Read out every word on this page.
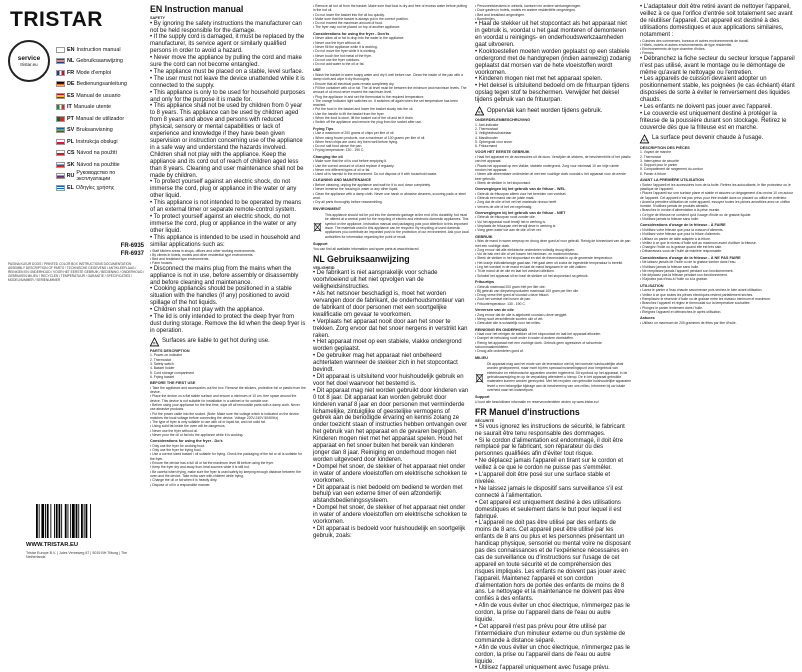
TRISTAR
service
tristar.eu
EN Instruction manual
NL Gebruiksaanwijzing
FR Mode d'emploi
DE Bedienungsanleitung
ES Manual de usuario
IT Manuale utente
PT Manual de utilizador
SV Bruksanvisning
PL Instrukcja obsługi
CS Návod na použití
SK Návod na použitie
RU Руководство по эксплуатации
EL Οδηγίες χρήσης
FR-6935
FR-6937
PAGINA KLEUR DOOS / PRINTED COLOR BOX INSTRUCTIONS DOCUMENTATION ASSEMBLY DESCRIPTION OF PARTS / TECHNISCHE GEGEVENS / ANTIKLEEFLAAG / REINIGEN EN ONDERHOUD / VOOR HET EERSTE GEBRUIK / BEDIENING / ONDERHOUD / GEBRUIKEN MILIEU / RECYCLEN / TEMPERATUUR / GARANTIE / SPECIFICATIES / MODELNUMMER / SERIENUMMER
WWW.TRISTAR.EU
Tristar Europe B.V. | Jules Verneweg 87 | 5015 BH Tilburg | The Netherlands
EN Instruction manual
SAFETY
• By ignoring the safety instructions the manufacturer can not be held responsible for the damage.
• If the supply cord is damaged, it must be replaced by the manufacturer, its service agent or similarly qualified persons in order to avoid a hazard.
• Never move the appliance by pulling the cord and make sure the cord can not become entangled.
• The appliance must be placed on a stable, level surface.
• The user must not leave the device unattended while it is connected to the supply.
• This appliance is only to be used for household purposes and only for the purpose it is made for.
• This appliance shall not be used by children from 0 year to 8 years. This appliance can be used by children aged from 8 years and above and persons with reduced physical, sensory or mental capabilities or lack of experience and knowledge if they have been given supervision or instruction concerning use of the appliance in a safe way and understand the hazards involved. Children shall not play with the appliance. Keep the appliance and its cord out of reach of children aged less than 8 years. Cleaning and user maintenance shall not be made by children.
• To protect yourself against an electric shock, do not immerse the cord, plug or appliance in the water or any other liquid.
• This appliance is not intended to be operated by means of an external timer or separate remote-control system.
• To protect yourself against an electric shock, do not immerse the cord, plug or appliance in the water or any other liquid.
• This appliance is intended to be used in household and similar applications such as:
• Staff kitchen areas in shops, offices and other working environments.
• By clients in hotels, motels and other residential type environments.
• Bed and breakfast type environments.
• Farm houses.
• Disconnect the mains plug from the mains when the appliance is not in use, before assembly or disassembly and before cleaning and maintenance.
• Cooking appliances should be positioned in a stable situation with the handles (if any) positioned to avoid spillage of the hot liquids.
• Children shall not play with the appliance.
• The lid is only intended to protect the deep fryer from dust during storage. Remove the lid when the deep fryer is in operation.
Surfaces are liable to get hot during use.
PARTS DESCRIPTION
1. Power-on indicator
2. Thermostat
3. Safety switch
4. Basket holder
5. Cord storage compartment
6. Frying basket
BEFORE THE FIRST USE
• Take the appliance and accessories out the box. Remove the stickers, protective foil or plastic from the device.
• Place the device on a flat stable surface and ensure a minimum of 10 cm. free space around the device. This device is not suitable for installation in a cabinet or for outside use.
• Before using your appliance for the first time, wipe off all removable parts with a damp cloth. Never use abrasive products.
• Put the power cable into the socket. (Note: Make sure the voltage which is indicated on the device matches the local voltage before connecting the device. Voltage 220V-240V 50/60Hz)
• The type of fryer is only suitable to use with oil or liquid fat, and not solid fat.
• Using solid fat inside the oven will be dangerous.
• Never use the fryer without oil.
• Never pour the oil or fat into the appliance while it is working.
Considerations for using the fryer - Do's
• Only use the fryer for cooking food.
• Only use the fryer for frying food.
• Use a correct sized basket / oil suitable for frying. Check the packaging of the fat or oil is suitable for the fryer.
• Ensure the device has a full oil or fat the maximum level fill before using the fryer.
• Keep the fryer dry and away from heat sources while it is still hot.
• Be careful when frying, make sure the fryer is used safely by keeping enough distance between the oven and the device. Take extra care with children while frying.
• Change the oil or fat when it is heavily dirty.
• Dispose of oil in a responsible manner.
• Remove all hot oil from the basket. Make sure that food is dry and free of excess water before putting in the hot oil.
• Do not lower the basket into the oil too quickly.
• Make sure that the basket is always put in the correct position.
• Do not exceed the maximum amount of food.
• The fryer may not be placed on top of another appliance.
Considerations for using the fryer - Don'ts
• Never allow oil or fat to drop into the water in the appliance.
• Never use the fryer without oil.
• Never fill the appliance while it is working.
• Do not move the fryer while it is working.
• Never touch the hot metal of the fryer.
• Do not use the fryer outdoors.
• Do not add water to the oil or fat.
USE
• Wash the basket in warm soapy water and dry it well before use. Clean the inside of the pan with a damp cloth and wipe it dry thoroughly.
• Ensure that all electrical parts remain completely dry.
• Fill the container with oil or fat. The oil level must be between the minimum and maximum levels. The amount of oil must never exceed the maximum level.
• Plug the appliance in and set the thermostat to the required temperature.
• The orange indicator light switches on. It switches off again when the set temperature has been reached.
• Put the food in the basket and lower the basket slowly into the oil.
• Use the handle to lift the basket from the fryer.
• When the food is done, lift the basket out of the oil and let it drain.
• Switch off the appliance and remove the plug from the socket after use.
Frying Tips
• Use a maximum of 200 grams of chips per litre of oil.
• When using frozen products, use a maximum of 100 grams per litre of oil.
• When fresh chips are used, dry them well before frying.
• Do not salt food above the pan.
• Frying temperature: 130 - 190 C.
Changing the oil
• Make sure that the oil is cool before emptying it.
• Use the correct amount of oil and replace it regularly.
• Never mix different types of oil or fat.
• Used oil is harmful to the environment. Do not dispose of it with household waste.
CLEANING AND MAINTENANCE
• Before cleaning, unplug the appliance and wait for it to cool down completely.
• Never immerse the housing in water or any other liquid.
• Clean the appliance with a damp cloth. Never use harsh or abrasive cleaners, scouring pads or steel wool.
• Dry all parts thoroughly before reassembling.
ENVIRONMENT

This appliance should not be put into the domestic garbage at the end of its durability, but must be offered at a central point for the recycling of electric and electronic domestic appliances. This symbol on the appliance, instruction manual and packaging puts your attention to this important issue. The materials used in this appliance can be recycled. By recycling of used domestic appliances you contribute an important push to the protection of our environment. Ask your local authorities for information regarding the point of recall.

Support

You can find all available information and spare parts at www.tristar.eu!

NL Gebruiksaanwijzing
VEILIGHEID
• De fabrikant is niet aansprakelijk voor schade voortvloeiend uit het niet opvolgen van de veiligheidsinstructies.
• Als het netsnoer beschadigd is, moet het worden vervangen door de fabrikant, de onderhoudsmonteur van de fabrikant of door personen met een soortgelijke kwalificatie om gevaar te voorkomen.
• Verplaats het apparaat nooit door aan het snoer te trekken. Zorg ervoor dat het snoer nergens in verstrikt kan raken.
• Het apparaat moet op een stabiele, vlakke ondergrond worden geplaatst.
• De gebruiker mag het apparaat niet onbeheerd achterlaten wanneer de stekker zich in het stopcontact bevindt.
• Dit apparaat is uitsluitend voor huishoudelijk gebruik en voor het doel waarvoor het bestemd is.
• Dit apparaat mag niet worden gebruikt door kinderen van 0 tot 8 jaar. Dit apparaat kan worden gebruikt door kinderen vanaf 8 jaar en door personen met verminderde lichamelijke, zintuiglijke of geestelijke vermogens of gebrek aan de benodigde ervaring en kennis zolang ze onder toezicht staan of instructies hebben ontvangen over het gebruik van het apparaat en de gevaren begrijpen. Kinderen mogen niet met het apparaat spelen. Houd het apparaat en het snoer buiten het bereik van kinderen jonger dan 8 jaar. Reiniging en onderhoud mogen niet worden uitgevoerd door kinderen.
• Dompel het snoer, de stekker of het apparaat niet onder in water of andere vloeistoffen om elektrische schokken te voorkomen.
• Dit apparaat is niet bedoeld om bediend te worden met behulp van een externe timer of een afzonderlijk afstandsbedieningssysteem.
• Dompel het snoer, de stekker of het apparaat niet onder in water of andere vloeistoffen om elektrische schokken te voorkomen.
• Dit apparaat is bedoeld voor huishoudelijk en soortgelijk gebruik, zoals:
• Personeelskeukens in winkels, kantoren en andere werkomgevingen.
• Door gasten in hotels, motels en andere residentiële omgevingen.
• Bed and breakfast omgevingen.
• Boerderijen.
• Haal de stekker uit het stopcontact als het apparaat niet in gebruik is, voordat u het gaat monteren of demonteren en voordat u reinigings- en onderhoudswerkzaamheden gaat uitvoeren.
• Kooktoestellen moeten worden geplaatst op een stabiele ondergrond met de handgrepen (indien aanwezig) zodanig geplaatst dat morsen van de hete vloeistoffen wordt voorkomen.
• Kinderen mogen niet met het apparaat spelen.
• Het deksel is uitsluitend bedoeld om de frituurpan tijdens opslag tegen stof te beschermen. Verwijder het deksel tijdens gebruik van de frituurpan.
Oppervlak kan heet worden tijdens gebruik.
ONDERDELENBESCHRIJVING
1. Aan-indicator
2. Thermostaat
3. Veiligheidsschakelaar
4. Mandhouder
5. Opbergvak voor snoer
6. Frituurmand
VOOR HET EERSTE GEBRUIK
• Haal het apparaat en de accessoires uit de doos. Verwijder de stickers, de beschermfolie of het plastic van het apparaat.
• Plaats het apparaat op een vlakke, stabiele ondergrond. Zorg voor minimaal 10 cm vrije ruimte rondom het apparaat.
• Neem alle afneembare onderdelen af met een vochtige doek voordat u het apparaat voor de eerste keer gebruikt.
• Steek de stekker in het stopcontact.
Overwegingen bij het gebruik van de frituur - WEL
• Gebruik de frituurpan alleen voor het bereiden van voedsel.
• Gebruik een mand van de juiste maat.
• Zorg dat de olie of het vet het maximale niveau heeft.
• Ververs de olie of het vet regelmatig.
Overwegingen bij het gebruik van de frituur - NIET
• Gebruik de frituurpan nooit zonder olie.
• Vul het apparaat nooit terwijl het in werking is.
• Verplaats de frituurpan niet terwijl deze in werking is.
• Voeg geen water toe aan de olie of het vet.
GEBRUIK
• Was de mand in warm zeepsop en droog deze goed af voor gebruik. Reinig de binnenkant van de pan met een vochtige doek.
• Zorg ervoor dat alle elektrische onderdelen volledig droog blijven.
• Vul de bak met olie of vet tussen het minimum- en maximumniveau.
• Steek de stekker in het stopcontact en stel de thermostaat in op de gewenste temperatuur.
• Het oranje indicatielampje gaat aan. Het gaat weer uit zodra de ingestelde temperatuur is bereikt.
• Leg het voedsel in de mand en laat de mand langzaam in de olie zakken.
• Til de mand uit de olie en laat het voedsel uitlekken.
• Schakel het apparaat uit en haal de stekker uit het stopcontact na gebruik.
Frituurtips
• Gebruik maximaal 200 gram friet per liter olie.
• Bij gebruik van diepvriesproducten maximaal 100 gram per liter olie.
• Droog verse friet goed af voordat u deze frituurt.
• Zout het voedsel niet boven de pan.
• Frituurtemperatuur: 130 - 190 C.
Verversen van de olie
• Zorg ervoor dat de olie is afgekoeld voordat u deze weggiet.
• Meng nooit verschillende soorten olie of vet.
• Gebruikte olie is schadelijk voor het milieu.
REINIGING EN ONDERHOUD
• Haal voor het reinigen de stekker uit het stopcontact en laat het apparaat afkoelen.
• Dompel de behuizing nooit onder in water of andere vloeistoffen.
• Reinig het apparaat met een vochtige doek. Gebruik geen agressieve of schurende schoonmaakmiddelen.
• Droog alle onderdelen goed af.
MILIEU

Dit apparaat mag aan het einde van de levensduur niet bij het normale huishoudelijke afval worden gedeponeerd, maar moet bij een speciaal inzamelingspunt voor hergebruik van elektrische en elektronische apparaten worden ingeleverd. Dit symbool op het apparaat, in de gebruiksaanwijzing en op de verpakking attendeert u hierop. De in het apparaat gebruikte materialen kunnen worden gerecycled. Met het recyclen van gebruikte huishoudelijke apparaten levert u een belangrijke bijdrage aan de bescherming van ons milieu. Informeer bij uw lokale overheid naar het inzamelpunt.

Support

U kunt alle beschikbare informatie en reserveonderdelen vinden op www.tristar.eu!

FR Manuel d'instructions
SÉCURITÉ
• Si vous ignorez les instructions de sécurité, le fabricant ne saurait être tenu responsable des dommages.
• Si le cordon d'alimentation est endommagé, il doit être remplacé par le fabricant, son réparateur ou des personnes qualifiées afin d'éviter tout risque.
• Ne déplacez jamais l'appareil en tirant sur le cordon et veillez à ce que le cordon ne puisse pas s'emmêler.
• L'appareil doit être posé sur une surface stable et nivelée.
• Ne laissez jamais le dispositif sans surveillance s'il est connecté à l'alimentation.
• Cet appareil est uniquement destiné à des utilisations domestiques et seulement dans le but pour lequel il est fabriqué.
• L'appareil ne doit pas être utilisé par des enfants de moins de 8 ans. Cet appareil peut être utilisé par les enfants de 8 ans ou plus et les personnes présentant un handicap physique, sensoriel ou mental voire ne disposant pas des connaissances et de l'expérience nécessaires en cas de surveillance ou d'instructions sur l'usage de cet appareil en toute sécurité et de compréhension des risques impliqués. Les enfants ne doivent pas jouer avec l'appareil. Maintenez l'appareil et son cordon d'alimentation hors de portée des enfants de moins de 8 ans. Le nettoyage et la maintenance ne doivent pas être confiés à des enfants.
• Afin de vous éviter un choc électrique, n'immergez pas le cordon, la prise ou l'appareil dans de l'eau ou autre liquide.
• Cet appareil n'est pas prévu pour être utilisé par l'intermédiaire d'un minuteur externe ou d'un système de commande à distance séparé.
• Afin de vous éviter un choc électrique, n'immergez pas le cordon, la prise ou l'appareil dans de l'eau ou autre liquide.
• Utilisez l'appareil uniquement avec l'usage prévu.
• L'adaptateur doit être retiré avant de nettoyer l'appareil, veillez à ce que l'orifice d'entrée soit totalement sec avant de réutiliser l'appareil. Cet appareil est destiné à des utilisations domestiques et aux applications similaires, notamment :
• Cuisines des commerces, bureaux et autres environnements de travail.
• Hôtels, motels et autres environnements de type résidentiel.
• Environnements de type chambre d'hôtes.
• Fermes.
• Débranchez la fiche secteur du secteur lorsque l'appareil n'est pas utilisé, avant le montage ou le démontage de même qu'avant le nettoyage ou l'entretien.
• Les appareils de cuisson devraient adopter un positionnement stable, les poignées (le cas échéant) étant disposées de sorte à éviter le renversement des liquides chauds.
• Les enfants ne doivent pas jouer avec l'appareil.
• Le couvercle est uniquement destiné à protéger la friteuse de la poussière durant son stockage. Retirez le couvercle dès que la friteuse est en marche.
La surface peut devenir chaude à l'usage.
DESCRIPTION DES PIÈCES
1. Voyant de marche
2. Thermostat
3. Interrupteur de sécurité
4. Support pour le panier
5. Compartiment de rangement du cordon
6. Panier à friture
AVANT LA PREMIÈRE UTILISATION
• Sortez l'appareil et les accessoires hors de la boîte. Retirez les autocollants, le film protecteur ou le plastique de l'appareil.
• Placez l'appareil sur une surface plane et stable et assurez un dégagement d'au moins 10 cm autour de l'appareil. Cet appareil n'est pas prévu pour être installé dans un placard ou utilisé en extérieur.
• Avant la première utilisation de votre appareil, essuyez toutes les pièces amovibles avec un chiffon humide. N'utilisez jamais de produits abrasifs.
• Branchez le cordon d'alimentation à la prise murale.
• Ce type de friteuse ne convient qu'à l'usage d'huile ou de graisse liquide.
• N'utilisez jamais la friteuse sans huile.
Considérations d'usage de la friteuse - À FAIRE
• N'utilisez votre friteuse que pour la cuisson d'aliments.
• N'utilisez votre friteuse que pour la friture d'aliments.
• Utilisez un panier de taille adaptée à la friture.
• Veillez à ce que le niveau d'huile soit au maximum avant d'utiliser la friteuse.
• Changez l'huile ou la graisse quand elle est très sale.
• Débarrassez-vous de l'huile de manière responsable.
Considérations d'usage de la friteuse - À NE PAS FAIRE
• Ne laissez jamais de l'huile ou de la graisse tomber dans l'eau.
• N'utilisez jamais la friteuse sans huile.
• Ne remplissez jamais l'appareil pendant son fonctionnement.
• Ne déplacez pas la friteuse pendant son fonctionnement.
• N'ajoutez pas d'eau à l'huile ou à la graisse.
UTILISATION
• Lavez le panier à l'eau chaude savonneuse puis séchez-le bien avant utilisation.
• Veillez à ce que toutes les pièces électriques restent parfaitement sèches.
• Remplissez le réservoir d'huile ou de graisse entre les niveaux minimum et maximum.
• Branchez l'appareil et réglez le thermostat sur la température souhaitée.
• Plongez le panier lentement dans l'huile.
• Éteignez l'appareil et débranchez-le après utilisation.
Astuces
• Utilisez un maximum de 200 grammes de frites par litre d'huile.
